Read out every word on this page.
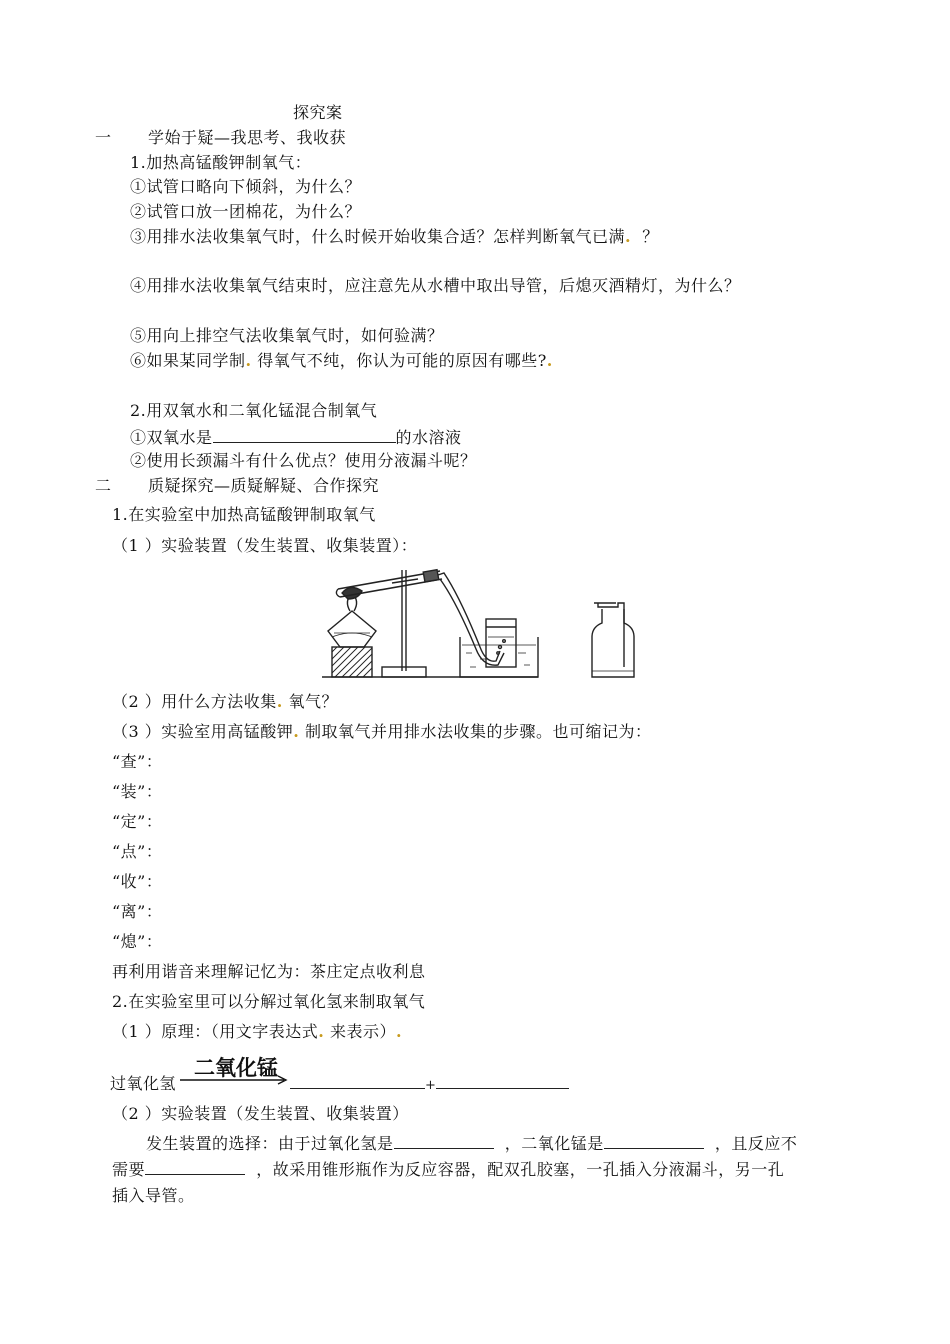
探究案
一 学始于疑—我思考、我收获
1.加热高锰酸钾制氧气：
①试管口略向下倾斜，为什么？
②试管口放一团棉花，为什么？
③用排水法收集氧气时，什么时候开始收集合适？怎样判断氧气已满. ？
④用排水法收集氧气结束时，应注意先从水槽中取出导管，后熄灭酒精灯，为什么？
⑤用向上排空气法收集氧气时，如何验满？
⑥如果某同学制. 得氧气不纯，你认为可能的原因有哪些?.
2.用双氧水和二氧化锰混合制氧气
①双氧水是	的水溶液
②使用长颈漏斗有什么优点？使用分液漏斗呢？
二 质疑探究—质疑解疑、合作探究
1.在实验室中加热高锰酸钾制取氧气
（1 ）实验装置（发生装置、收集装置）：
（2 ）用什么方法收集. 氧气？
（3 ）实验室用高锰酸钾. 制取氧气并用排水法收集的步骤。也可缩记为：
“查”：
“装”：
“定”：
“点”：
“收”：
“离”：
“熄”：
再利用谐音来理解记忆为：茶庄定点收利息
2.在实验室里可以分解过氧化氢来制取氧气
（1 ）原理：（用文字表达式. 来表示）.
二氧化锰
过氧化氢	+
（2 ）实验装置（发生装置、收集装置）
发生装置的选择：由于过氧化氢是	，二氧化锰是	，且反应不
需要	，故采用锥形瓶作为反应容器，配双孔胶塞，一孔插入分液漏斗，另一孔
插入导管。
